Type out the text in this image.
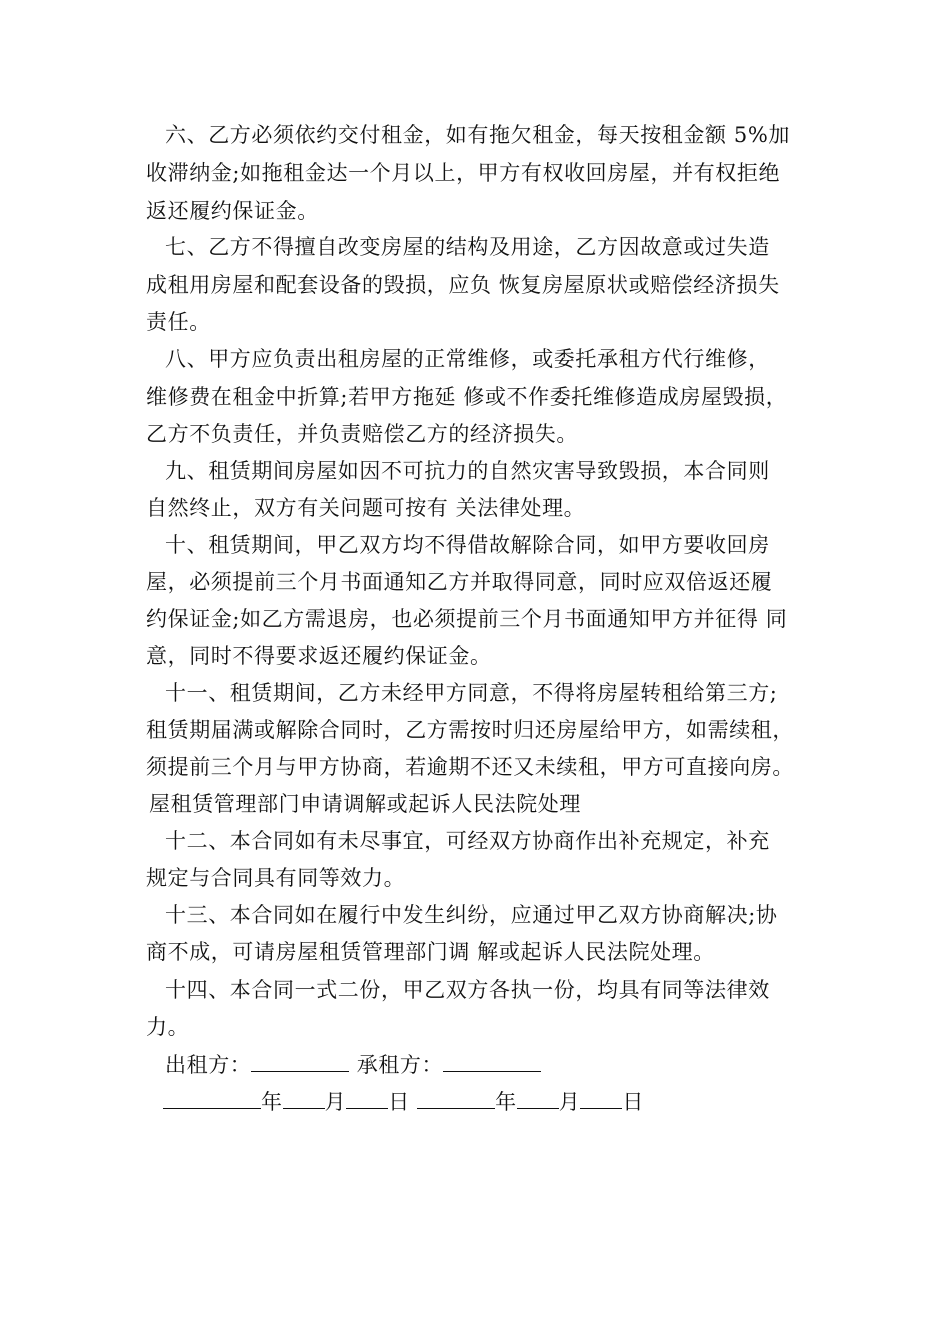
六、乙方必须依约交付租金，如有拖欠租金，每天按租金额 5%加
收滞纳金;如拖租金达一个月以上，甲方有权收回房屋，并有权拒绝
返还履约保证金。
七、乙方不得擅自改变房屋的结构及用途，乙方因故意或过失造
成租用房屋和配套设备的毁损，应负 恢复房屋原状或赔偿经济损失
责任。
八、甲方应负责出租房屋的正常维修，或委托承租方代行维修，
维修费在租金中折算;若甲方拖延 修或不作委托维修造成房屋毁损，
乙方不负责任，并负责赔偿乙方的经济损失。
九、租赁期间房屋如因不可抗力的自然灾害导致毁损，本合同则
自然终止，双方有关问题可按有 关法律处理。
十、租赁期间，甲乙双方均不得借故解除合同，如甲方要收回房
屋，必须提前三个月书面通知乙方并取得同意，同时应双倍返还履
约保证金;如乙方需退房，也必须提前三个月书面通知甲方并征得 同
意，同时不得要求返还履约保证金。
十一、租赁期间，乙方未经甲方同意，不得将房屋转租给第三方;
租赁期届满或解除合同时，乙方需按时归还房屋给甲方，如需续租，
须提前三个月与甲方协商，若逾期不还又未续租，甲方可直接向房。
屋租赁管理部门申请调解或起诉人民法院处理
十二、本合同如有未尽事宜，可经双方协商作出补充规定，补充
规定与合同具有同等效力。
十三、本合同如在履行中发生纠纷，应通过甲乙双方协商解决;协
商不成，可请房屋租赁管理部门调 解或起诉人民法院处理。
十四、本合同一式二份，甲乙双方各执一份，均具有同等法律效
力。
出租方：	承租方：
年 月 日	年 月 日
